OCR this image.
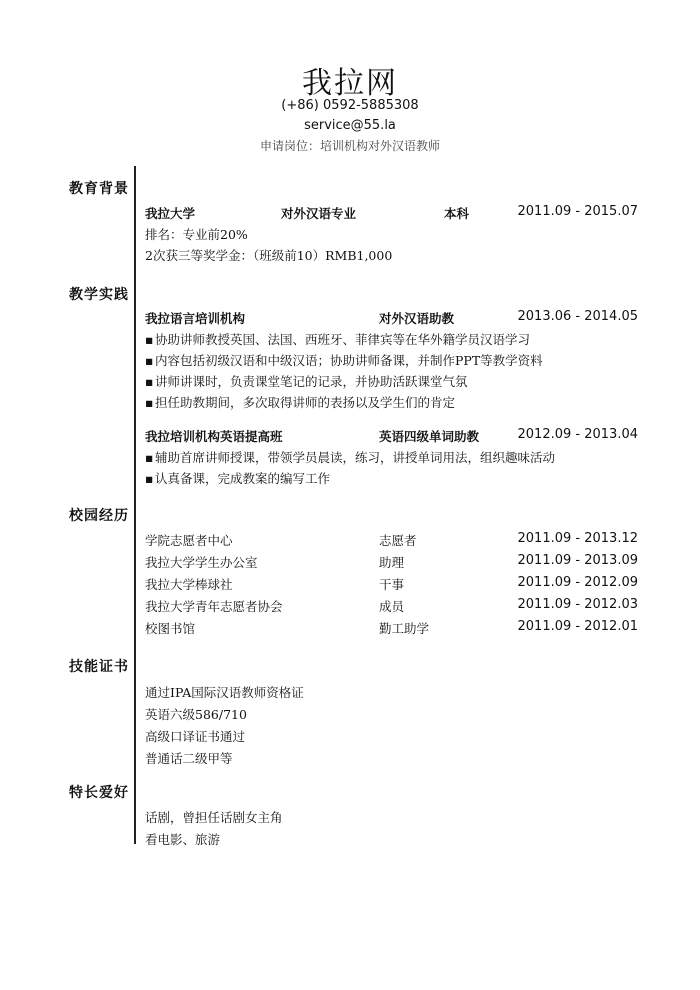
我拉网
(+86) 0592-5885308
service@55.la
申请岗位：培训机构对外汉语教师
教育背景
教学实践
校园经历
技能证书
特长爱好
我拉大学	对外汉语专业	本科	2011.09 - 2015.07
排名：专业前20%
2次获三等奖学金：（班级前10）RMB1,000
我拉语言培训机构	对外汉语助教	2013.06 - 2014.05
▪ 协助讲师教授英国、法国、西班牙、菲律宾等在华外籍学员汉语学习
▪ 内容包括初级汉语和中级汉语；协助讲师备课，并制作PPT等教学资料
▪ 讲师讲课时，负责课堂笔记的记录，并协助活跃课堂气氛
▪ 担任助教期间，多次取得讲师的表扬以及学生们的肯定
我拉培训机构英语提高班	英语四级单词助教	2012.09 - 2013.04
▪ 辅助首席讲师授课，带领学员晨读，练习，讲授单词用法，组织趣味活动
▪ 认真备课，完成教案的编写工作
学院志愿者中心	志愿者	2011.09 - 2013.12
我拉大学学生办公室	助理	2011.09 - 2013.09
我拉大学棒球社	干事	2011.09 - 2012.09
我拉大学青年志愿者协会	成员	2011.09 - 2012.03
校图书馆	勤工助学	2011.09 - 2012.01
通过IPA国际汉语教师资格证
英语六级586/710
高级口译证书通过
普通话二级甲等
话剧，曾担任话剧女主角
看电影、旅游
